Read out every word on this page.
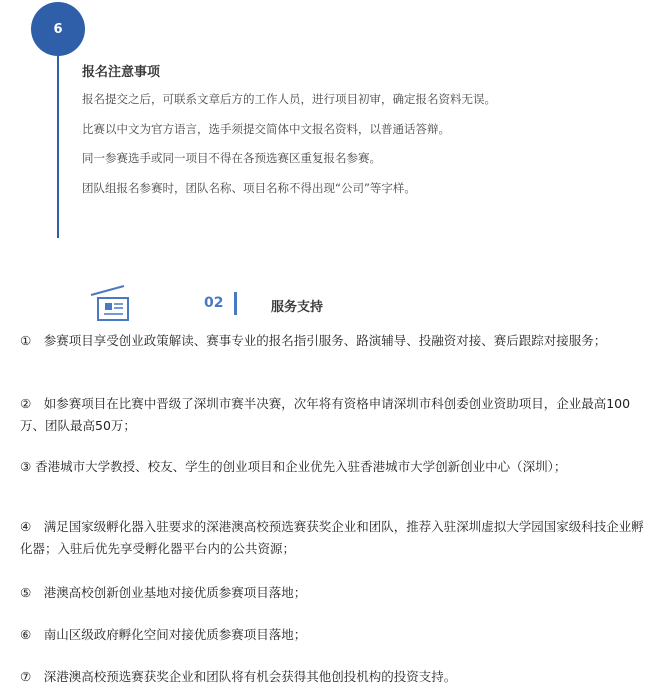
6
报名注意事项
报名提交之后，可联系文章后方的工作人员，进行项目初审，确定报名资料无误。
比赛以中文为官方语言，选手须提交简体中文报名资料，以普通话答辩。
同一参赛选手或同一项目不得在各预选赛区重复报名参赛。
团队组报名参赛时，团队名称、项目名称不得出现“公司”等字样。
02	服务支持
①　参赛项目享受创业政策解读、赛事专业的报名指引服务、路演辅导、投融资对接、赛后跟踪对接服务；
②　如参赛项目在比赛中晋级了深圳市赛半决赛，次年将有资格申请深圳市科创委创业资助项目，企业最高100万、团队最高50万；
③ 香港城市大学教授、校友、学生的创业项目和企业优先入驻香港城市大学创新创业中心（深圳）；
④　满足国家级孵化器入驻要求的深港澳高校预选赛获奖企业和团队，推荐入驻深圳虚拟大学园国家级科技企业孵化器；入驻后优先享受孵化器平台内的公共资源；
⑤　港澳高校创新创业基地对接优质参赛项目落地；
⑥　南山区级政府孵化空间对接优质参赛项目落地；
⑦　深港澳高校预选赛获奖企业和团队将有机会获得其他创投机构的投资支持。
